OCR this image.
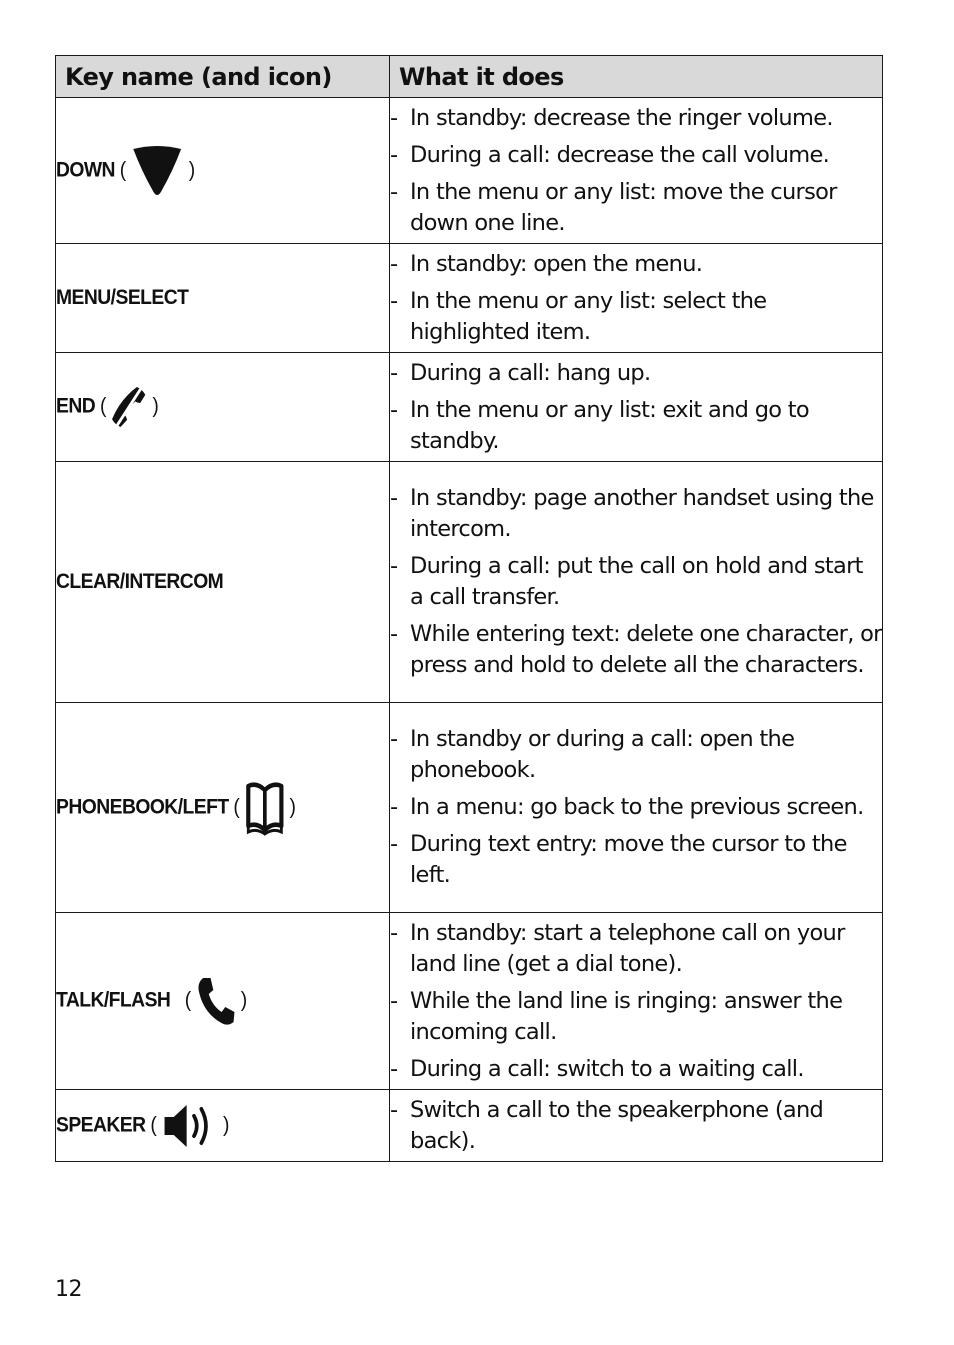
Key name (and icon)	What it does
DOWN ( )	- In standby: decrease the ringer volume.
- During a call: decrease the call volume.
- In the menu or any list: move the cursor down one line.

MENU/SELECT	- In standby: open the menu.
- In the menu or any list: select the highlighted item.

END (  )	- During a call: hang up.
- In the menu or any list: exit and go to standby.

CLEAR/INTERCOM	- In standby: page another handset using the intercom.
- During a call: put the call on hold and start a call transfer.
- While entering text: delete one character, or press and hold to delete all the characters.

PHONEBOOK/LEFT ( )	- In standby or during a call: open the phonebook.
- In a menu: go back to the previous screen.
- During text entry: move the cursor to the left.

TALK/FLASH   (  )	- In standby: start a telephone call on your land line (get a dial tone).
- While the land line is ringing: answer the incoming call.
- During a call: switch to a waiting call.

SPEAKER ( )	- Switch a call to the speakerphone (and back).
12
